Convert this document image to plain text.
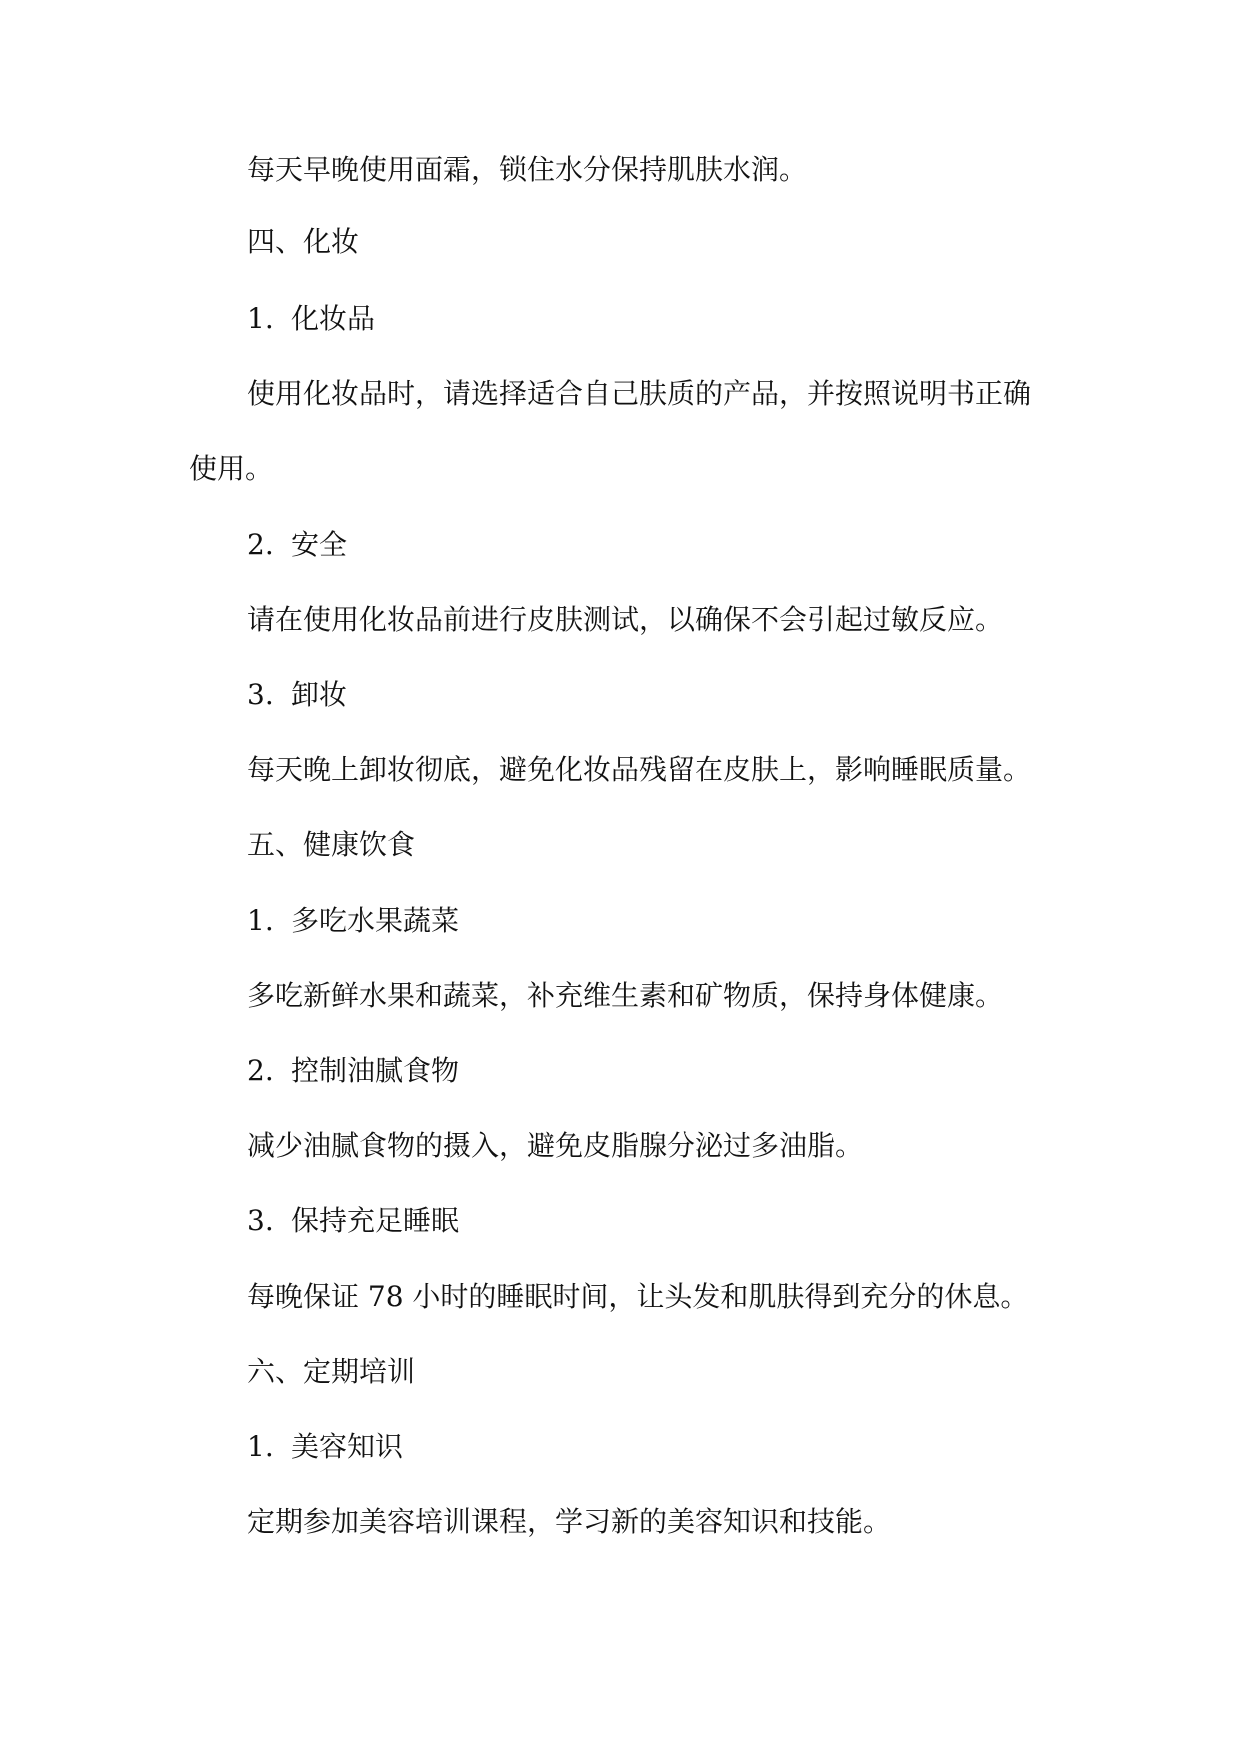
每天早晚使用面霜，锁住水分保持肌肤水润。

四、化妆

1. 化妆品

使用化妆品时，请选择适合自己肤质的产品，并按照说明书正确

使用。

2. 安全

请在使用化妆品前进行皮肤测试，以确保不会引起过敏反应。

3. 卸妆

每天晚上卸妆彻底，避免化妆品残留在皮肤上，影响睡眠质量。

五、健康饮食

1. 多吃水果蔬菜

多吃新鲜水果和蔬菜，补充维生素和矿物质，保持身体健康。

2. 控制油腻食物

减少油腻食物的摄入，避免皮脂腺分泌过多油脂。

3. 保持充足睡眠

每晚保证 78 小时的睡眠时间，让头发和肌肤得到充分的休息。

六、定期培训

1. 美容知识

定期参加美容培训课程，学习新的美容知识和技能。
